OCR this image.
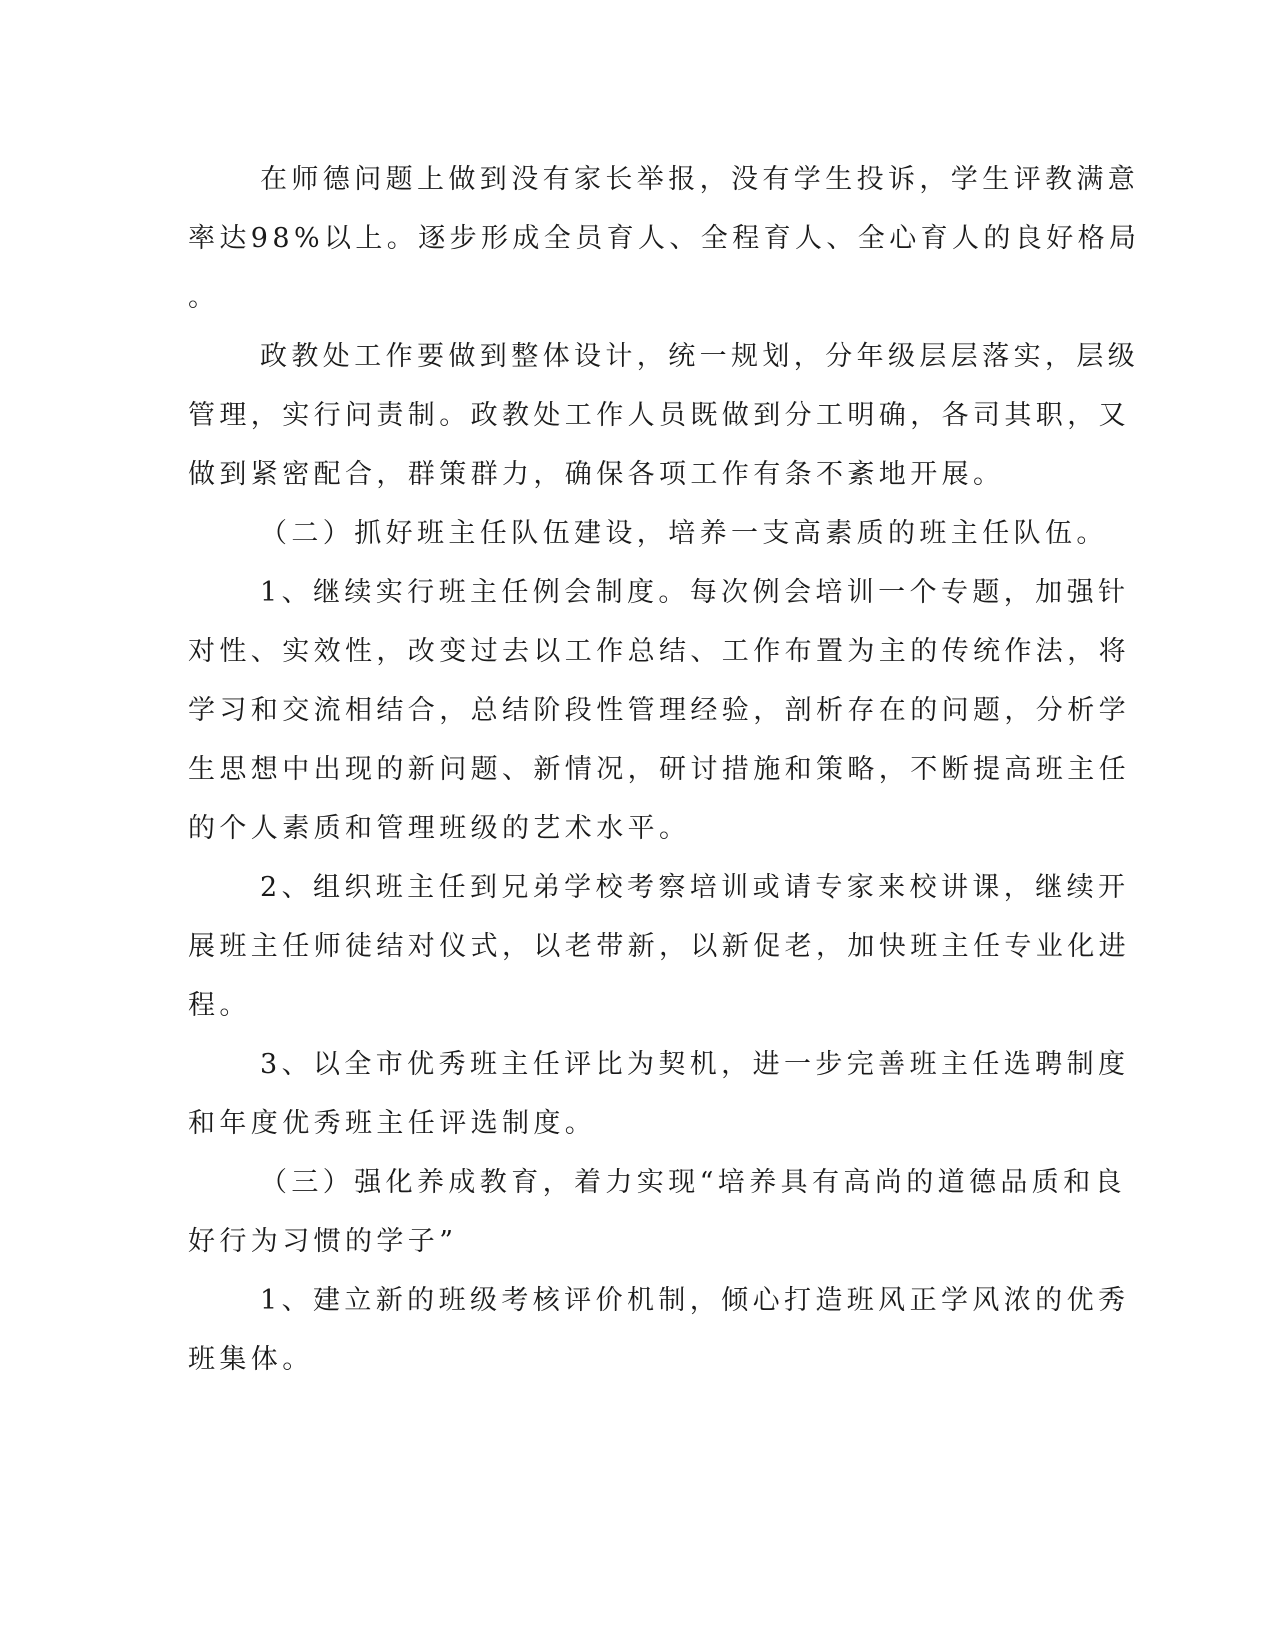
在师德问题上做到没有家长举报，没有学生投诉，学生评教满意

率达98%以上。逐步形成全员育人、全程育人、全心育人的良好格局

。

政教处工作要做到整体设计，统一规划，分年级层层落实，层级

管理，实行问责制。政教处工作人员既做到分工明确，各司其职，又

做到紧密配合，群策群力，确保各项工作有条不紊地开展。

（二）抓好班主任队伍建设，培养一支高素质的班主任队伍。

1、继续实行班主任例会制度。每次例会培训一个专题，加强针

对性、实效性，改变过去以工作总结、工作布置为主的传统作法，将

学习和交流相结合，总结阶段性管理经验，剖析存在的问题，分析学

生思想中出现的新问题、新情况，研讨措施和策略，不断提高班主任

的个人素质和管理班级的艺术水平。

2、组织班主任到兄弟学校考察培训或请专家来校讲课，继续开

展班主任师徒结对仪式，以老带新，以新促老，加快班主任专业化进

程。

3、以全市优秀班主任评比为契机，进一步完善班主任选聘制度

和年度优秀班主任评选制度。

（三）强化养成教育，着力实现“培养具有高尚的道德品质和良

好行为习惯的学子”

1、建立新的班级考核评价机制，倾心打造班风正学风浓的优秀

班集体。
